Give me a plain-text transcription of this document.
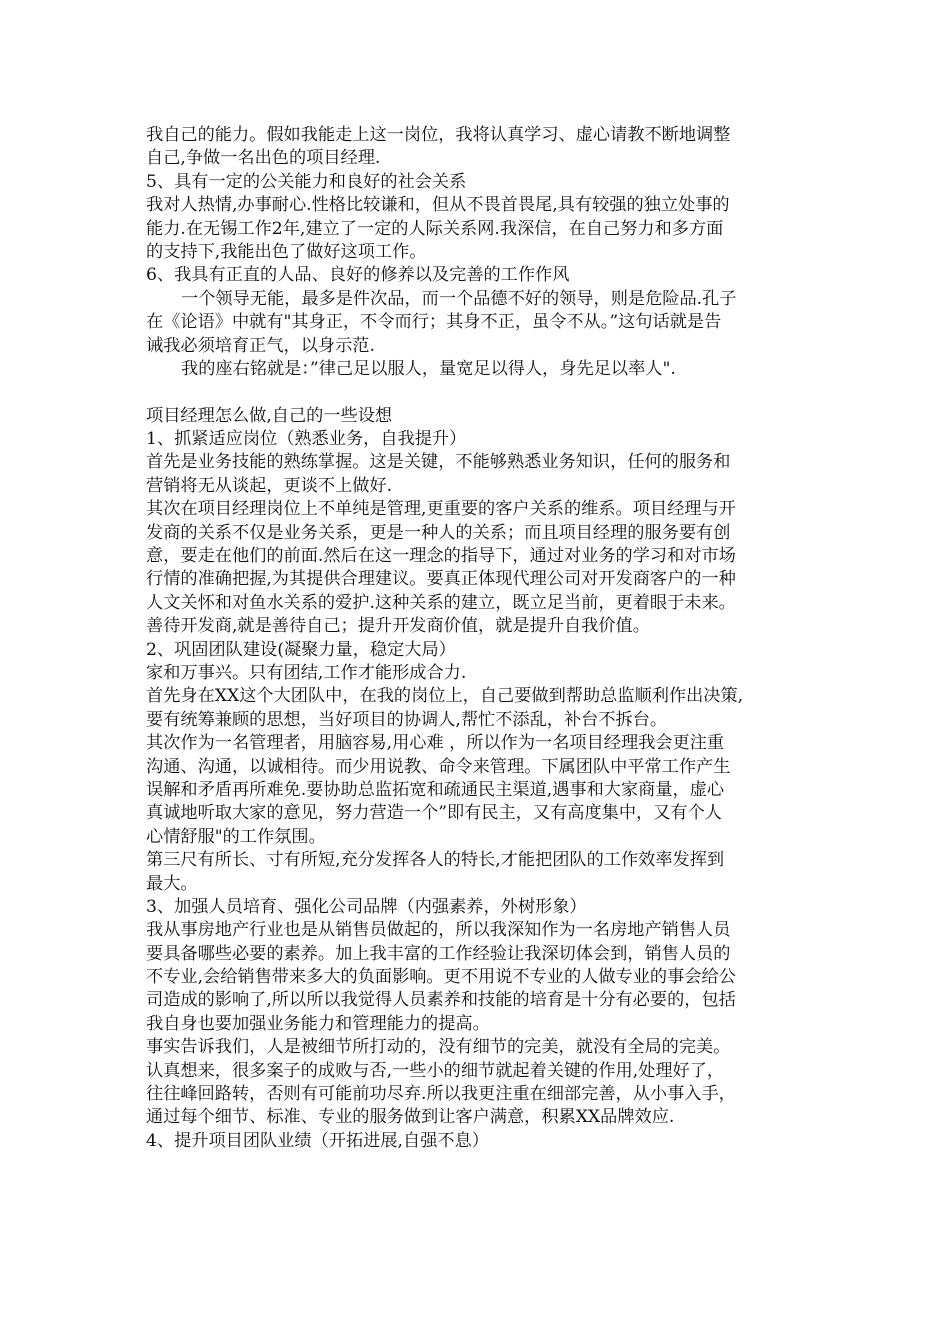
我自己的能力。假如我能走上这一岗位，我将认真学习、虚心请教不断地调整
自己,争做一名出色的项目经理.
5、具有一定的公关能力和良好的社会关系
我对人热情,办事耐心.性格比较谦和，但从不畏首畏尾,具有较强的独立处事的
能力.在无锡工作2年,建立了一定的人际关系网.我深信，在自己努力和多方面
的支持下,我能出色了做好这项工作。
6、我具有正直的人品、良好的修养以及完善的工作作风
一个领导无能，最多是件次品，而一个品德不好的领导，则是危险品.孔子
在《论语》中就有"其身正，不令而行；其身不正，虽令不从。”这句话就是告
诫我必须培育正气，以身示范.
我的座右铭就是：”律己足以服人，量宽足以得人，身先足以率人".
项目经理怎么做,自己的一些设想
1、抓紧适应岗位（熟悉业务，自我提升）
首先是业务技能的熟练掌握。这是关键，不能够熟悉业务知识，任何的服务和
营销将无从谈起，更谈不上做好.
其次在项目经理岗位上不单纯是管理,更重要的客户关系的维系。项目经理与开
发商的关系不仅是业务关系，更是一种人的关系；而且项目经理的服务要有创
意，要走在他们的前面.然后在这一理念的指导下，通过对业务的学习和对市场
行情的准确把握,为其提供合理建议。要真正体现代理公司对开发商客户的一种
人文关怀和对鱼水关系的爱护.这种关系的建立，既立足当前，更着眼于未来。
善待开发商,就是善待自己；提升开发商价值，就是提升自我价值。
2、巩固团队建设(凝聚力量，稳定大局）
家和万事兴。只有团结,工作才能形成合力.
首先身在XX这个大团队中，在我的岗位上，自己要做到帮助总监顺利作出决策,
要有统筹兼顾的思想，当好项目的协调人,帮忙不添乱，补台不拆台。
其次作为一名管理者，用脑容易,用心难 ，所以作为一名项目经理我会更注重
沟通、沟通，以诚相待。而少用说教、命令来管理。下属团队中平常工作产生
误解和矛盾再所难免.要协助总监拓宽和疏通民主渠道,遇事和大家商量，虚心
真诚地听取大家的意见，努力营造一个”即有民主，又有高度集中，又有个人
心情舒服"的工作氛围。
第三尺有所长、寸有所短,充分发挥各人的特长,才能把团队的工作效率发挥到
最大。
3、加强人员培育、强化公司品牌（内强素养，外树形象）
我从事房地产行业也是从销售员做起的，所以我深知作为一名房地产销售人员
要具备哪些必要的素养。加上我丰富的工作经验让我深切体会到，销售人员的
不专业,会给销售带来多大的负面影响。更不用说不专业的人做专业的事会给公
司造成的影响了,所以所以我觉得人员素养和技能的培育是十分有必要的，包括
我自身也要加强业务能力和管理能力的提高。
事实告诉我们，人是被细节所打动的，没有细节的完美，就没有全局的完美。
认真想来，很多案子的成败与否,一些小的细节就起着关键的作用,处理好了，
往往峰回路转，否则有可能前功尽弃.所以我更注重在细部完善，从小事入手，
通过每个细节、标准、专业的服务做到让客户满意，积累XX品牌效应.
4、提升项目团队业绩（开拓进展,自强不息）
